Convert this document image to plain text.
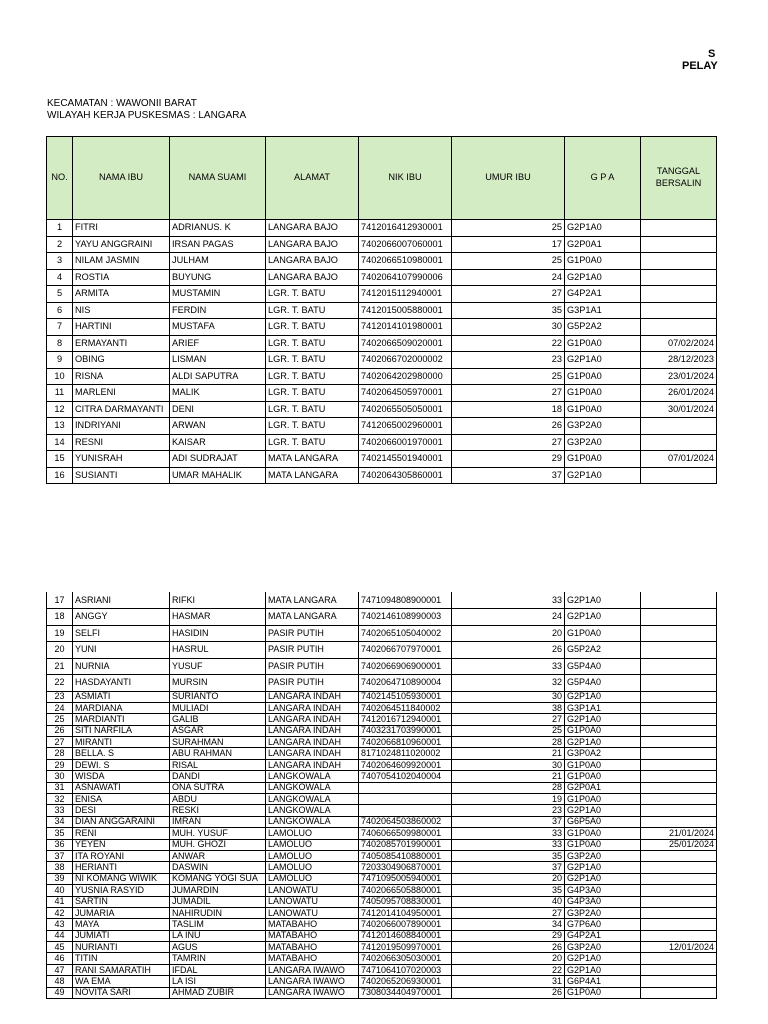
S
PELAY
KECAMATAN : WAWONII BARAT
WILAYAH KERJA PUSKESMAS : LANGARA
NO.	NAMA IBU	NAMA SUAMI	ALAMAT	NIK IBU	UMUR IBU	G P A	TANGGAL BERSALIN
1	FITRI	ADRIANUS. K	LANGARA BAJO	7412016412930001	25	G2P1A0	
2	YAYU ANGGRAINI	IRSAN PAGAS	LANGARA BAJO	7402066007060001	17	G2P0A1	
3	NILAM JASMIN	JULHAM	LANGARA BAJO	7402066510980001	25	G1P0A0	
4	ROSTIA	BUYUNG	LANGARA BAJO	7402064107990006	24	G2P1A0	
5	ARMITA	MUSTAMIN	LGR. T. BATU	7412015112940001	27	G4P2A1	
6	NIS	FERDIN	LGR. T. BATU	7412015005880001	35	G3P1A1	
7	HARTINI	MUSTAFA	LGR. T. BATU	7412014101980001	30	G5P2A2	
8	ERMAYANTI	ARIEF	LGR. T. BATU	7402066509020001	22	G1P0A0	07/02/2024
9	OBING	LISMAN	LGR. T. BATU	7402066702000002	23	G2P1A0	28/12/2023
10	RISNA	ALDI SAPUTRA	LGR. T. BATU	7402064202980000	25	G1P0A0	23/01/2024
11	MARLENI	MALIK	LGR. T. BATU	7402064505970001	27	G1P0A0	26/01/2024
12	CITRA DARMAYANTI	DENI	LGR. T. BATU	7402065505050001	18	G1P0A0	30/01/2024
13	INDRIYANI	ARWAN	LGR. T. BATU	7412065002960001	26	G3P2A0	
14	RESNI	KAISAR	LGR. T. BATU	7402066001970001	27	G3P2A0	
15	YUNISRAH	ADI SUDRAJAT	MATA LANGARA	7402145501940001	29	G1P0A0	07/01/2024
16	SUSIANTI	UMAR MAHALIK	MATA LANGARA	7402064305860001	37	G2P1A0	
17	ASRIANI	RIFKI	MATA LANGARA	7471094808900001	33	G2P1A0	
18	ANGGY	HASMAR	MATA LANGARA	7402146108990003	24	G2P1A0	
19	SELFI	HASIDIN	PASIR PUTIH	7402065105040002	20	G1P0A0	
20	YUNI	HASRUL	PASIR PUTIH	7402066707970001	26	G5P2A2	
21	NURNIA	YUSUF	PASIR PUTIH	7402066906900001	33	G5P4A0	
22	HASDAYANTI	MURSIN	PASIR PUTIH	7402064710890004	32	G5P4A0	
23	ASMIATI	SURIANTO	LANGARA INDAH	7402145105930001	30	G2P1A0	
24	MARDIANA	MULIADI	LANGARA INDAH	7402064511840002	38	G3P1A1	
25	MARDIANTI	GALIB	LANGARA INDAH	7412016712940001	27	G2P1A0	
26	SITI NARFILA	ASGAR	LANGARA INDAH	7403231703990001	25	G1P0A0	
27	MIRANTI	SURAHMAN	LANGARA INDAH	7402066810960001	28	G2P1A0	
28	BELLA. S	ABU RAHMAN	LANGARA INDAH	8171024811020002	21	G3P0A2	
29	DEWI. S	RISAL	LANGARA INDAH	7402064609920001	30	G1P0A0	
30	WISDA	DANDI	LANGKOWALA	7407054102040004	21	G1P0A0	
31	ASNAWATI	ONA SUTRA	LANGKOWALA		28	G2P0A1	
32	ENISA	ABDU	LANGKOWALA		19	G1P0A0	
33	DESI	RESKI	LANGKOWALA		23	G2P1A0	
34	DIAN ANGGARAINI	IMRAN	LANGKOWALA	7402064503860002	37	G6P5A0	
35	RENI	MUH. YUSUF	LAMOLUO	7406066509980001	33	G1P0A0	21/01/2024
36	YEYEN	MUH. GHOZI	LAMOLUO	7402085701990001	33	G1P0A0	25/01/2024
37	ITA ROYANI	ANWAR	LAMOLUO	7405085410880001	35	G3P2A0	
38	HERIANTI	DASWIN	LAMOLUO	7203304906870001	37	G2P1A0	
39	NI KOMANG WIWIK	KOMANG YOGI SUA	LAMOLUO	7471095005940001	20	G2P1A0	
40	YUSNIA RASYID	JUMARDIN	LANOWATU	7402066505880001	35	G4P3A0	
41	SARTIN	JUMADIL	LANOWATU	7405095708830001	40	G4P3A0	
42	JUMARIA	NAHIRUDIN	LANOWATU	7412014104950001	27	G3P2A0	
43	MAYA	TASLIM	MATABAHO	7402066007890001	34	G7P6A0	
44	JUMIATI	LA INU	MATABAHO	7412014608840001	29	G4P2A1	
45	NURIANTI	AGUS	MATABAHO	7412019509970001	26	G3P2A0	12/01/2024
46	TITIN	TAMRIN	MATABAHO	7402066305030001	20	G2P1A0	
47	RANI SAMARATIH	IFDAL	LANGARA IWAWO	7471064107020003	22	G2P1A0	
48	WA EMA	LA ISI	LANGARA IWAWO	7402065206930001	31	G6P4A1	
49	NOVITA SARI	AHMAD ZUBIR	LANGARA IWAWO	7308034404970001	26	G1P0A0	
